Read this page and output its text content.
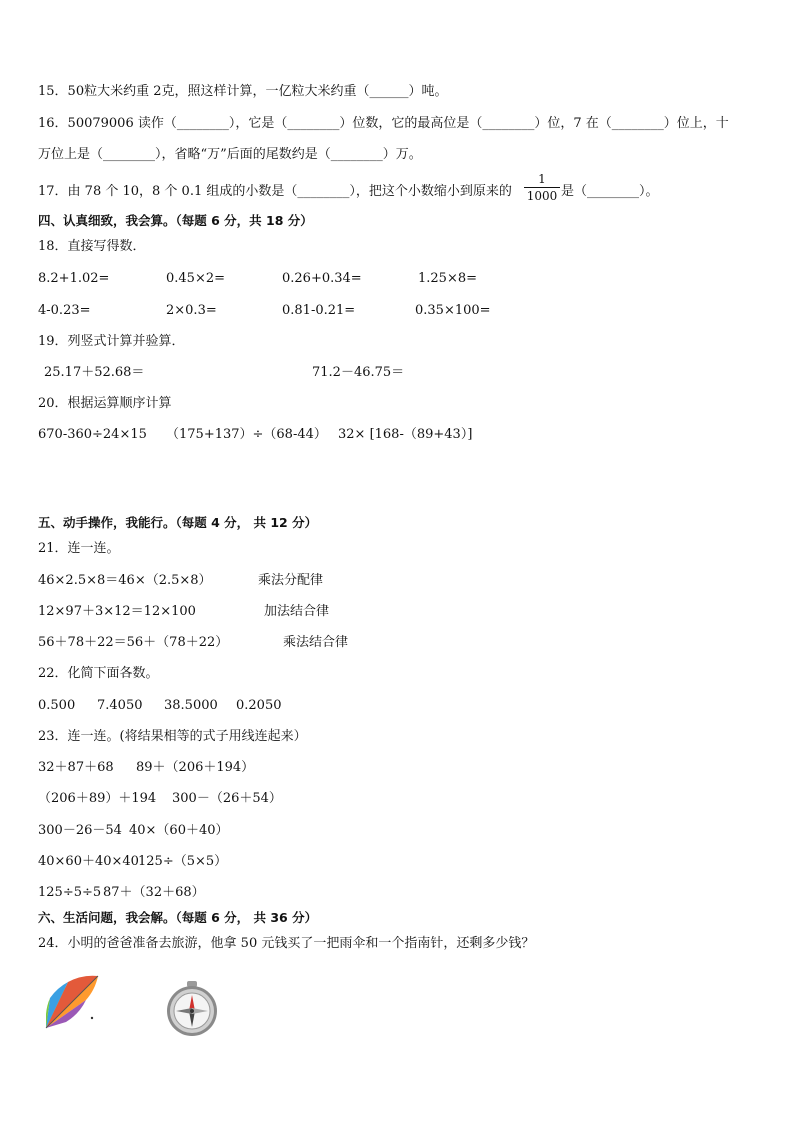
15．50粒大米约重 2克，照这样计算，一亿粒大米约重（______）吨。
16．50079006 读作（________），它是（________）位数，它的最高位是（________）位，7 在（________）位上，十
万位上是（________），省略“万”后面的尾数约是（________）万。
17．由 78 个 10，8 个 0.1 组成的小数是（________），把这个小数缩小到原来的
1
1000 是（________）。
四、认真细致，我会算。（每题 6 分，共 18 分）
18．直接写得数．
8.2+1.02=	0.45×2=	0.26+0.34=	1.25×8=
4-0.23=	2×0.3=	0.81-0.21=	0.35×100=
19．列竖式计算并验算．
25.17＋52.68＝	71.2－46.75＝
20．根据运算顺序计算
670-360÷24×15 （175+137）÷（68-44） 32× [168-（89+43）]
五、动手操作，我能行。（每题 4 分， 共 12 分）
21．连一连。
46×2.5×8＝46×（2.5×8）	乘法分配律
12×97＋3×12＝12×100	加法结合律
56＋78＋22＝56＋（78＋22）	乘法结合律
22．化简下面各数。
0.500 7.4050 38.5000 0.2050
23．连一连。(将结果相等的式子用线连起来）
32＋87＋68 89＋（206＋194）
（206＋89）＋194 300－（26＋54）
300－26－54 40×（60＋40）
40×60＋40×40 125÷（5×5）
125÷5÷5 87＋（32＋68）
六、生活问题，我会解。（每题 6 分， 共 36 分）
24．小明的爸爸准备去旅游，他拿 50 元钱买了一把雨伞和一个指南针，还剩多少钱？
